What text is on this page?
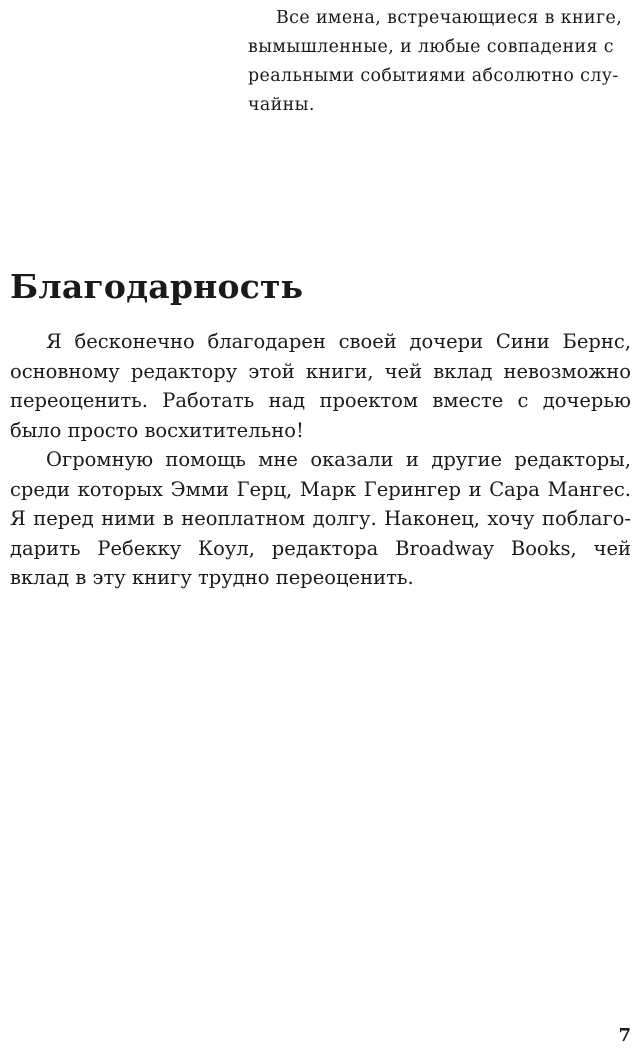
Все имена, встречающиеся в книге,
вымышленные, и любые совпадения с
реальными событиями абсолютно слу-
чайны.
Благодарность
Я бесконечно благодарен своей дочери Сини Бернс,
основному редактору этой книги, чей вклад невозможно
переоценить. Работать над проектом вместе с дочерью
было просто восхитительно!
Огромную помощь мне оказали и другие редакторы,
среди которых Эмми Герц, Марк Герингер и Сара Мангес.
Я перед ними в неоплатном долгу. Наконец, хочу поблаго-
дарить Ребекку Коул, редактора Broadway Books, чей
вклад в эту книгу трудно переоценить.
7
